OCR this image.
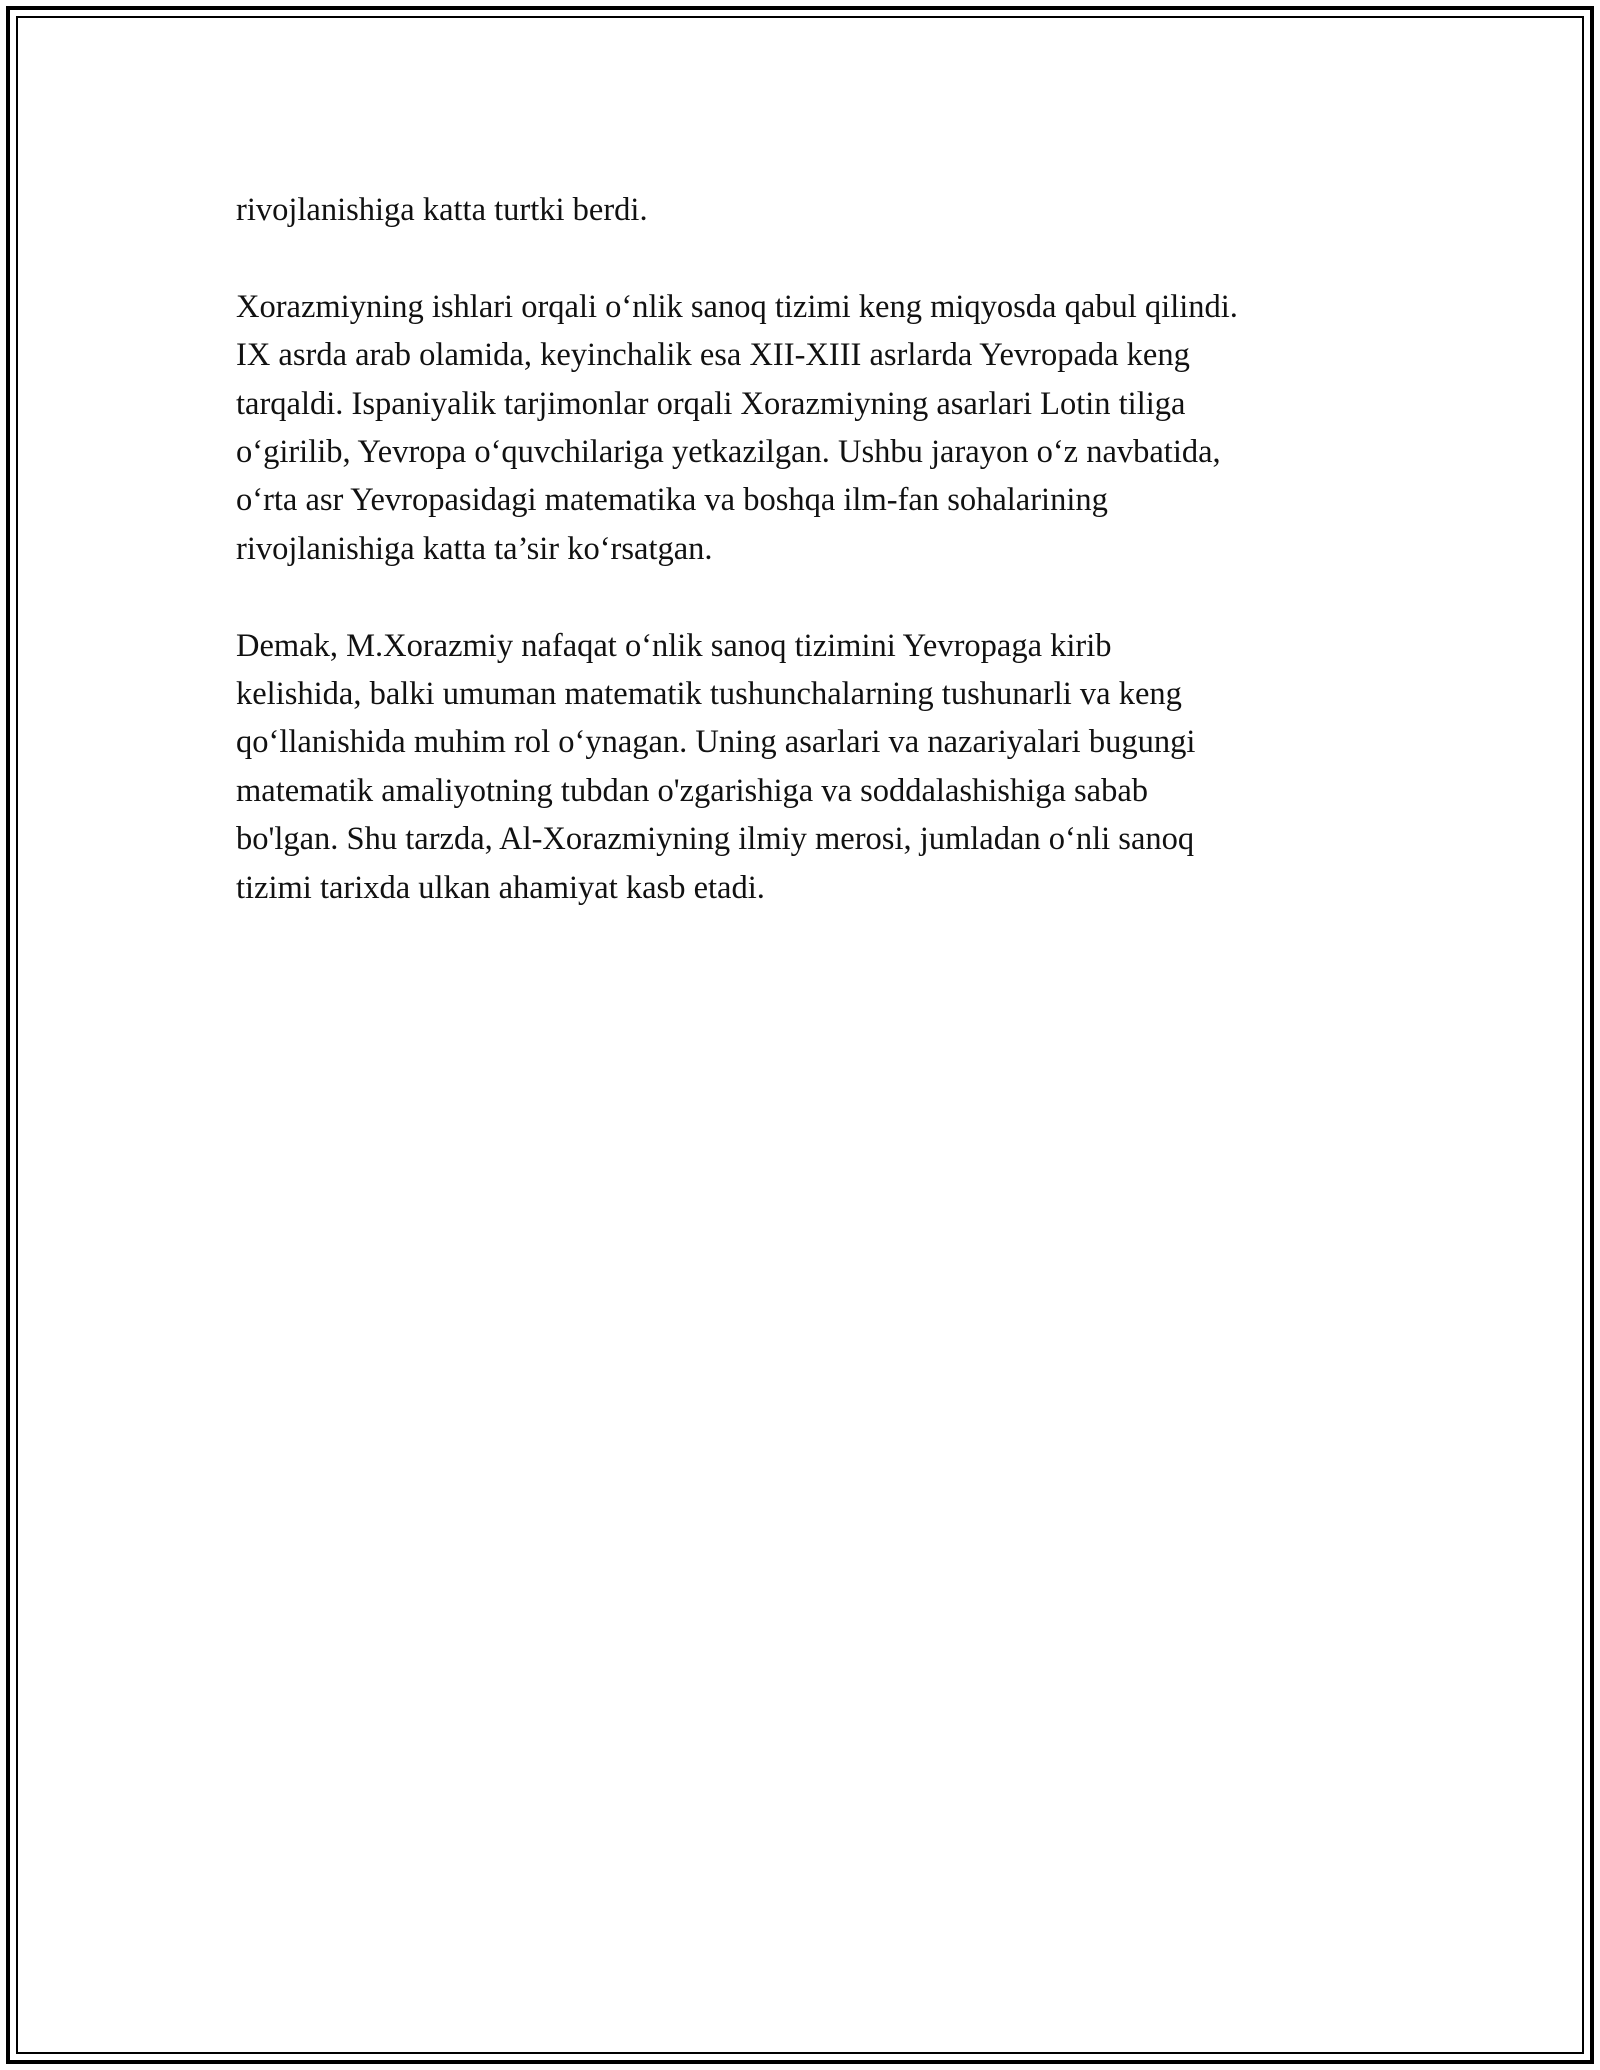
rivojlanishiga katta turtki berdi.

Xorazmiyning ishlari orqali o‘nlik sanoq tizimi keng miqyosda qabul qilindi.
IX asrda arab olamida, keyinchalik esa XII-XIII asrlarda Yevropada keng
tarqaldi. Ispaniyalik tarjimonlar orqali Xorazmiyning asarlari Lotin tiliga
o‘girilib, Yevropa o‘quvchilariga yetkazilgan. Ushbu jarayon o‘z navbatida,
o‘rta asr Yevropasidagi matematika va boshqa ilm-fan sohalarining
rivojlanishiga katta ta’sir ko‘rsatgan.

Demak, M.Xorazmiy nafaqat o‘nlik sanoq tizimini Yevropaga kirib
kelishida, balki umuman matematik tushunchalarning tushunarli va keng
qo‘llanishida muhim rol o‘ynagan. Uning asarlari va nazariyalari bugungi
matematik amaliyotning tubdan o'zgarishiga va soddalashishiga sabab
bo'lgan. Shu tarzda, Al-Xorazmiyning ilmiy merosi, jumladan o‘nli sanoq
tizimi tarixda ulkan ahamiyat kasb etadi.
